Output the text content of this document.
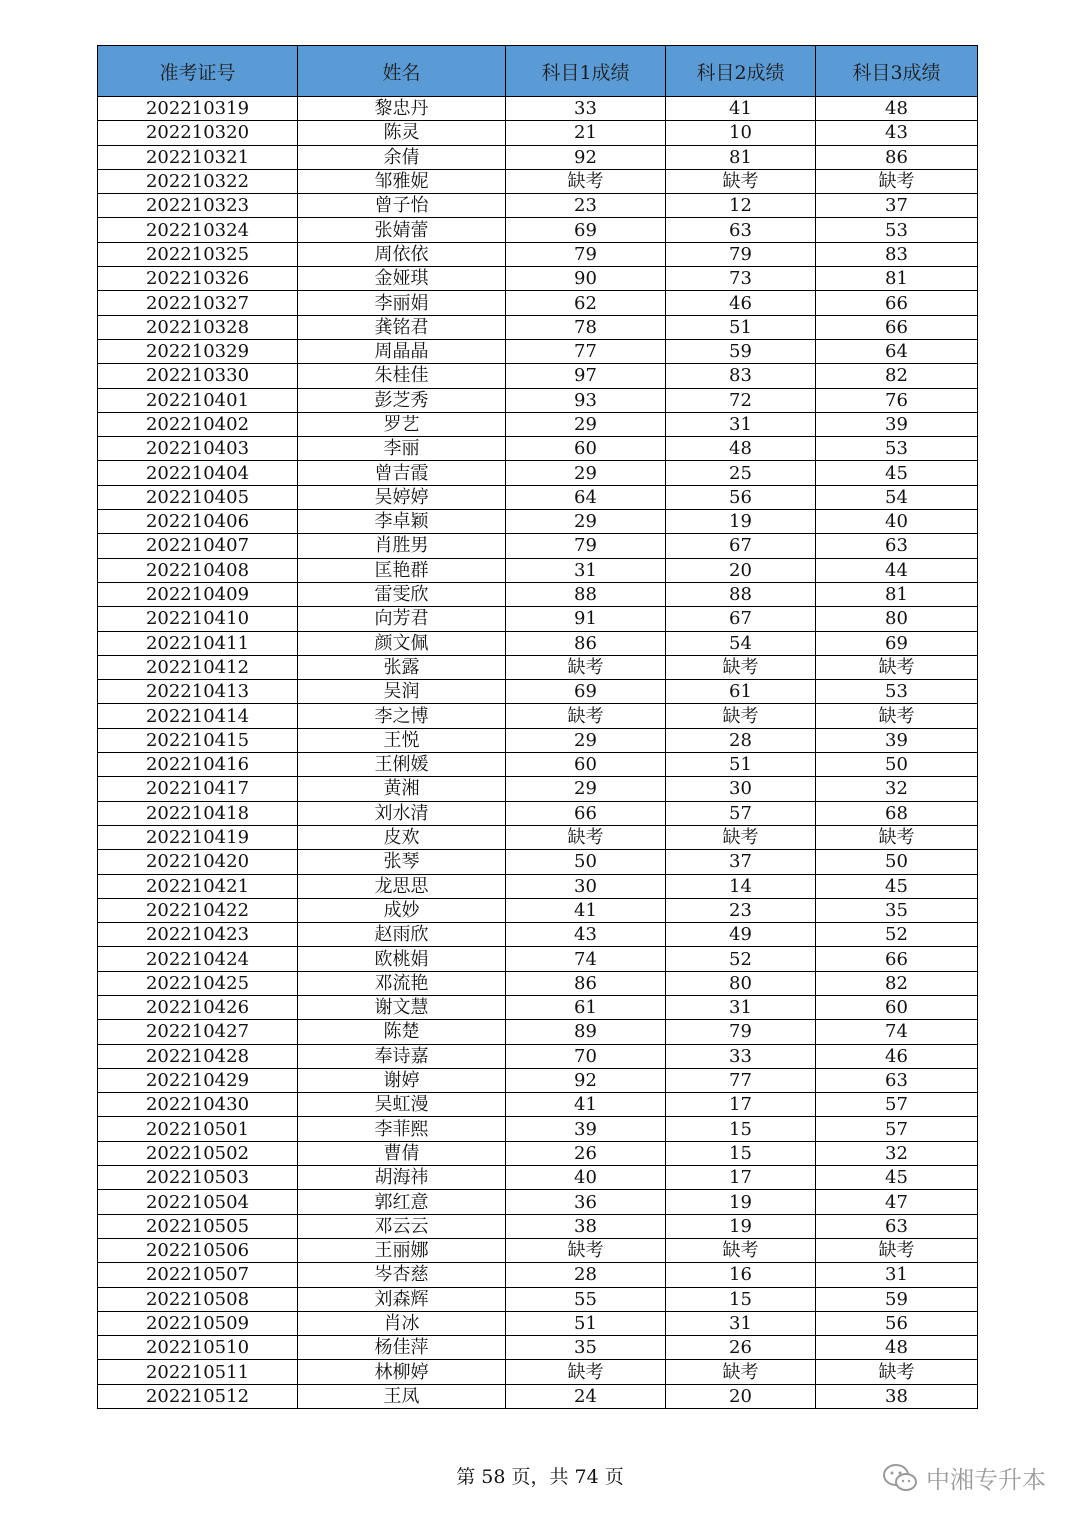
准考证号	姓名	科目1成绩	科目2成绩	科目3成绩
202210319	黎忠丹	33	41	48
202210320	陈灵	21	10	43
202210321	余倩	92	81	86
202210322	邹雅妮	缺考	缺考	缺考
202210323	曾子怡	23	12	37
202210324	张婧蕾	69	63	53
202210325	周依依	79	79	83
202210326	金娅琪	90	73	81
202210327	李丽娟	62	46	66
202210328	龚铭君	78	51	66
202210329	周晶晶	77	59	64
202210330	朱桂佳	97	83	82
202210401	彭芝秀	93	72	76
202210402	罗艺	29	31	39
202210403	李丽	60	48	53
202210404	曾吉霞	29	25	45
202210405	吴婷婷	64	56	54
202210406	李卓颖	29	19	40
202210407	肖胜男	79	67	63
202210408	匡艳群	31	20	44
202210409	雷雯欣	88	88	81
202210410	向芳君	91	67	80
202210411	颜文佩	86	54	69
202210412	张露	缺考	缺考	缺考
202210413	吴润	69	61	53
202210414	李之博	缺考	缺考	缺考
202210415	王悦	29	28	39
202210416	王俐媛	60	51	50
202210417	黄湘	29	30	32
202210418	刘水清	66	57	68
202210419	皮欢	缺考	缺考	缺考
202210420	张琴	50	37	50
202210421	龙思思	30	14	45
202210422	成妙	41	23	35
202210423	赵雨欣	43	49	52
202210424	欧桃娟	74	52	66
202210425	邓流艳	86	80	82
202210426	谢文慧	61	31	60
202210427	陈楚	89	79	74
202210428	奉诗嘉	70	33	46
202210429	谢婷	92	77	63
202210430	吴虹漫	41	17	57
202210501	李菲熙	39	15	57
202210502	曹倩	26	15	32
202210503	胡海祎	40	17	45
202210504	郭红意	36	19	47
202210505	邓云云	38	19	63
202210506	王丽娜	缺考	缺考	缺考
202210507	岑杏慈	28	16	31
202210508	刘森辉	55	15	59
202210509	肖冰	51	31	56
202210510	杨佳萍	35	26	48
202210511	林柳婷	缺考	缺考	缺考
202210512	王凤	24	20	38
第 58 页，共 74 页	中湘专升本
